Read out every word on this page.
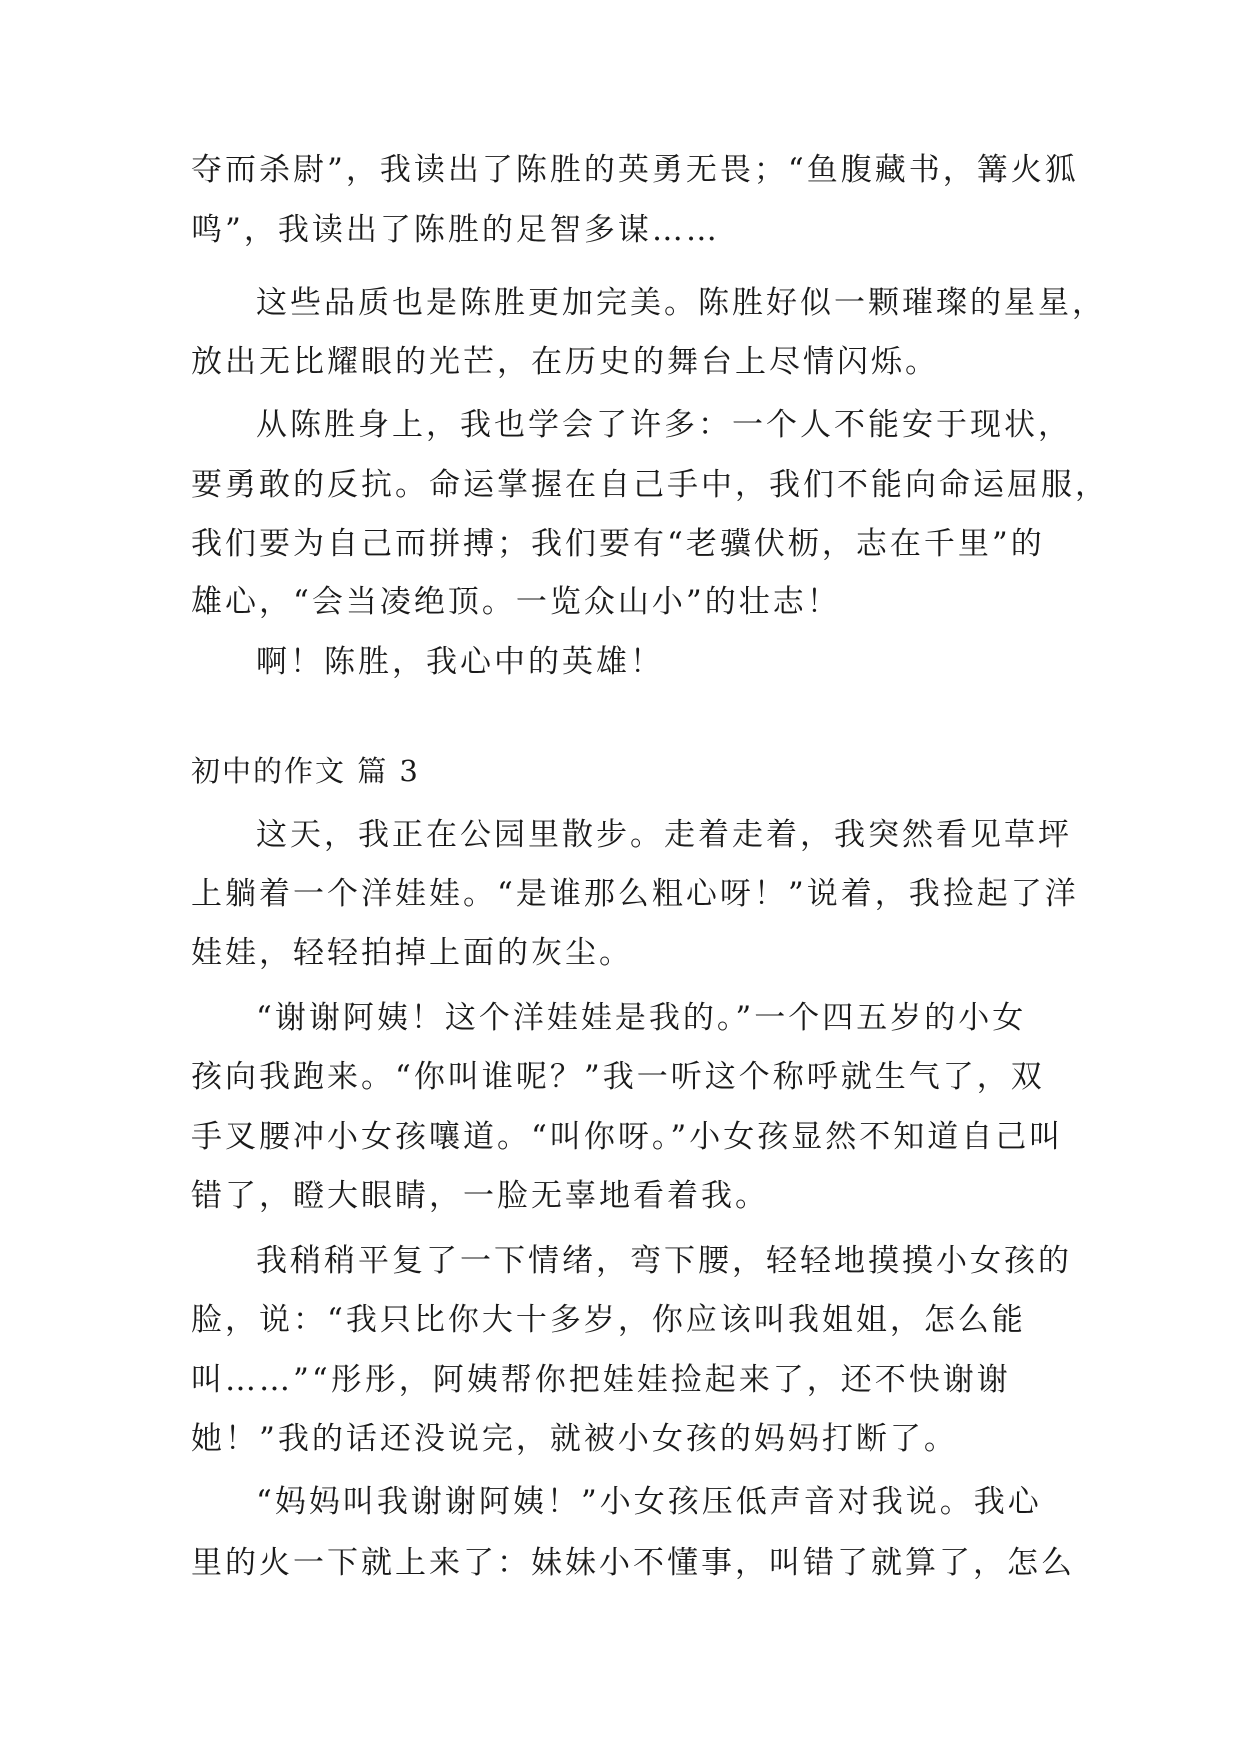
夺而杀尉”，我读出了陈胜的英勇无畏；“鱼腹藏书，篝火狐
鸣”，我读出了陈胜的足智多谋……
这些品质也是陈胜更加完美。陈胜好似一颗璀璨的星星，
放出无比耀眼的光芒，在历史的舞台上尽情闪烁。
从陈胜身上，我也学会了许多：一个人不能安于现状，
要勇敢的反抗。命运掌握在自己手中，我们不能向命运屈服，
我们要为自己而拼搏；我们要有“老骥伏枥，志在千里”的
雄心，“会当凌绝顶。一览众山小”的壮志！
啊！陈胜，我心中的英雄！
初中的作文 篇 3
这天，我正在公园里散步。走着走着，我突然看见草坪
上躺着一个洋娃娃。“是谁那么粗心呀！”说着，我捡起了洋
娃娃，轻轻拍掉上面的灰尘。
“谢谢阿姨！这个洋娃娃是我的。”一个四五岁的小女
孩向我跑来。“你叫谁呢？”我一听这个称呼就生气了，双
手叉腰冲小女孩嚷道。“叫你呀。”小女孩显然不知道自己叫
错了，瞪大眼睛，一脸无辜地看着我。
我稍稍平复了一下情绪，弯下腰，轻轻地摸摸小女孩的
脸，说：“我只比你大十多岁，你应该叫我姐姐，怎么能
叫……”“彤彤，阿姨帮你把娃娃捡起来了，还不快谢谢
她！”我的话还没说完，就被小女孩的妈妈打断了。
“妈妈叫我谢谢阿姨！”小女孩压低声音对我说。我心
里的火一下就上来了：妹妹小不懂事，叫错了就算了，怎么
